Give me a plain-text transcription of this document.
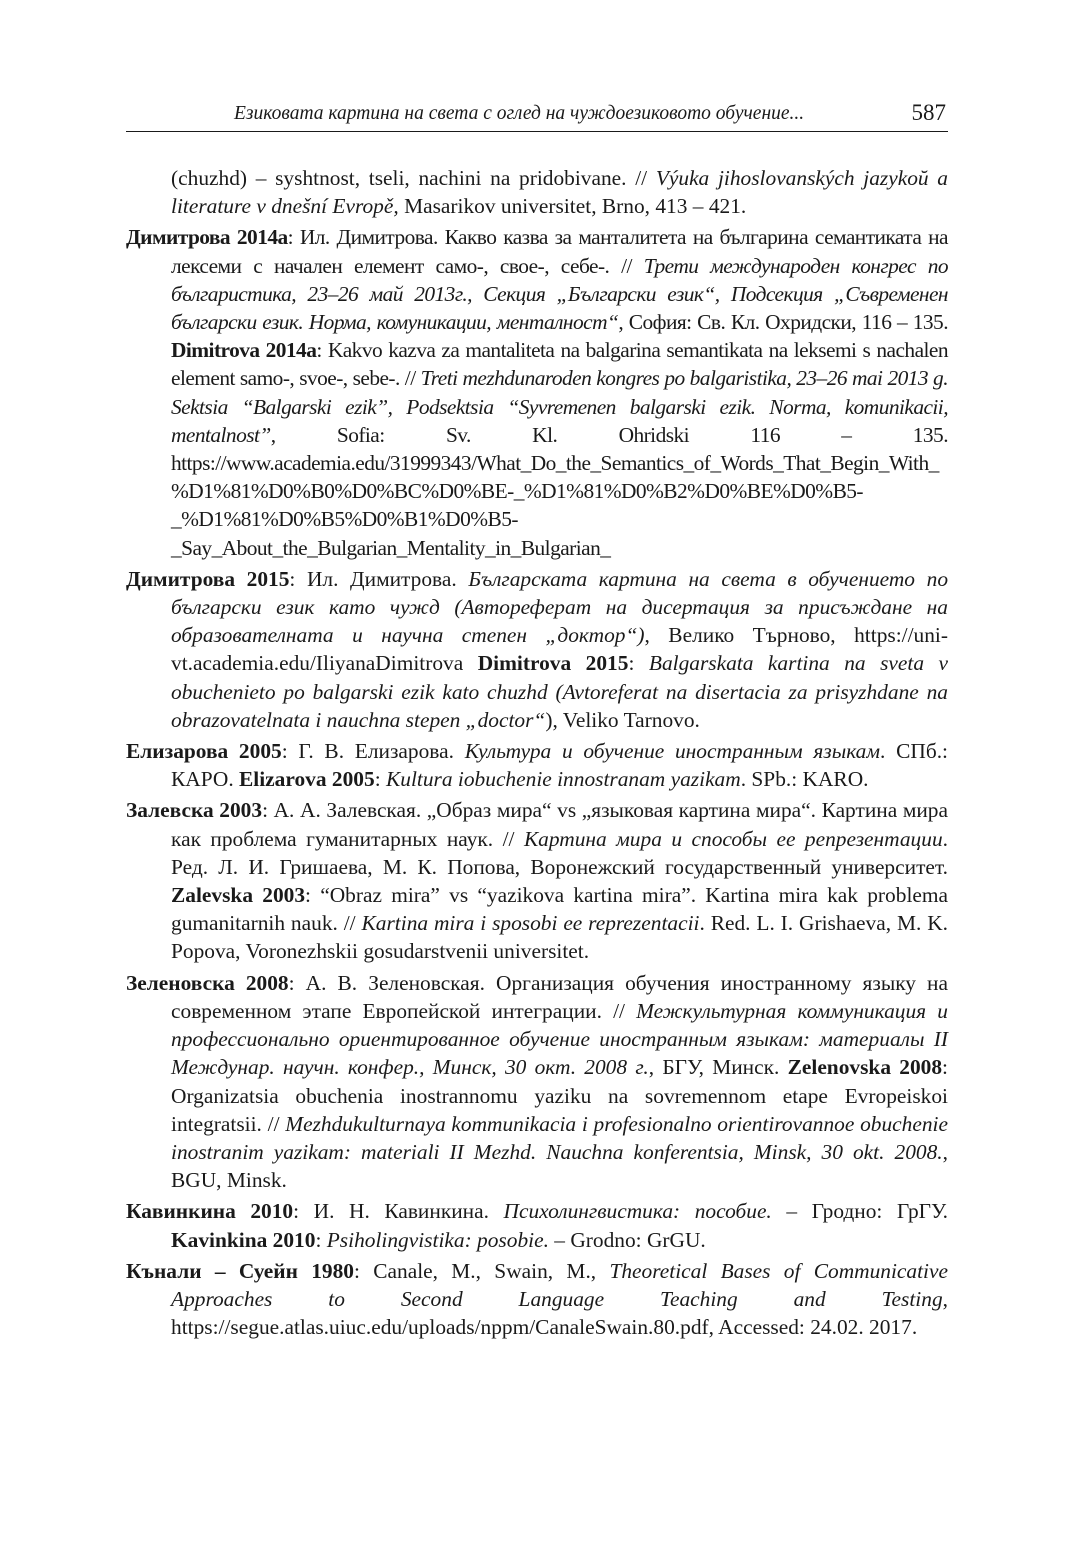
Езиковата картина на света с оглед на чуждоезиковото обучение...	587

(chuzhd) – syshtnost, tseli, nachini na pridobivane. // Výuka jihoslovanských jazykoŭ a literature v dnešní Evropě, Masarikov universitet, Brno, 413 – 421.

Димитрова 2014a: Ил. Димитрова. Какво казва за манталитета на българина семантиката на лексеми с начален елемент само-, свое-, себе-. // Трети международен конгрес по българистика, 23–26 май 2013г., Секция „Български език“, Подсекция „Съвременен български език. Норма, комуникации, менталност“, София: Св. Кл. Охридски, 116 – 135. Dimitrova 2014a: Kakvo kazva za mantaliteta na balgarina semantikata na leksemi s nachalen element samo-, svoe-, sebe-. // Treti mezhdunaroden kongres po balgaristika, 23–26 mai 2013 g. Sektsia “Balgarski ezik”, Podsektsia “Syvremenen balgarski ezik. Norma, komunikacii, mentalnost”, Sofia: Sv. Kl. Ohridski 116 – 135. https://www.academia.edu/31999343/What_Do_the_Semantics_of_Words_That_Begin_With_%D1%81%D0%B0%D0%BC%D0%BE-_%D1%81%D0%B2%D0%BE%D0%B5-_%D1%81%D0%B5%D0%B1%D0%B5-_Say_About_the_Bulgarian_Mentality_in_Bulgarian_

Димитрова 2015: Ил. Димитрова. Българската картина на света в обучението по български език като чужд (Автореферат на дисертация за присъждане на образователната и научна степен „доктор“), Велико Търново, https://uni-vt.academia.edu/IliyanaDimitrova Dimitrova 2015: Balgarskata kartina na sveta v obuchenieto po balgarski ezik kato chuzhd (Avtoreferat na disertacia za prisyzhdane na obrazovatelnata i nauchna stepen „doctor“), Veliko Tarnovo.

Елизарова 2005: Г. В. Елизарова. Культура и обучение иностранным языкам. СПб.: КАРО. Elizarova 2005: Kultura iobuchenie innostranam yazikam. SPb.: KARO.

Залевска 2003: А. А. Залевская. „Образ мира“ vs „языковая картина мира“. Картина мира как проблема гуманитарных наук. // Картина мира и способы ее репрезентации. Ред. Л. И. Гришаева, М. К. Попова, Воронежский государственный университет. Zalevska 2003: “Obraz mira” vs “yazikova kartina mira”. Kartina mira kak problema gumanitarnih nauk. // Kartina mira i sposobi ee reprezentacii. Red. L. I. Grishaeva, M. K. Popova, Voronezhskii gosudarstvenii universitet.

Зеленовска 2008: А. В. Зеленовская. Организация обучения иностранному языку на современном этапе Европейской интеграции. // Межкультурная коммуникация и профессионально ориентированное обучение иностранным языкам: материалы II Междунар. научн. конфер., Минск, 30 окт. 2008 г., БГУ, Минск. Zelenovska 2008: Organizatsia obuchenia inostrannomu yaziku na sovremennom etape Evropeiskoi integratsii. // Mezhdukulturnaya kommunikacia i profesionalno orientirovannoe obuchenie inostranim yazikam: materiali II Mezhd. Nauchna konferentsia, Minsk, 30 okt. 2008., BGU, Minsk.

Кавинкина 2010: И. Н. Кавинкина. Психолингвистика: пособие. – Гродно: ГрГУ. Kavinkina 2010: Psiholingvistika: posobie. – Grodno: GrGU.

Кънали – Суейн 1980: Canale, M., Swain, M., Theoretical Bases of Communicative Approaches to Second Language Teaching and Testing, https://segue.atlas.uiuc.edu/uploads/nppm/CanaleSwain.80.pdf, Accessed: 24.02. 2017.
